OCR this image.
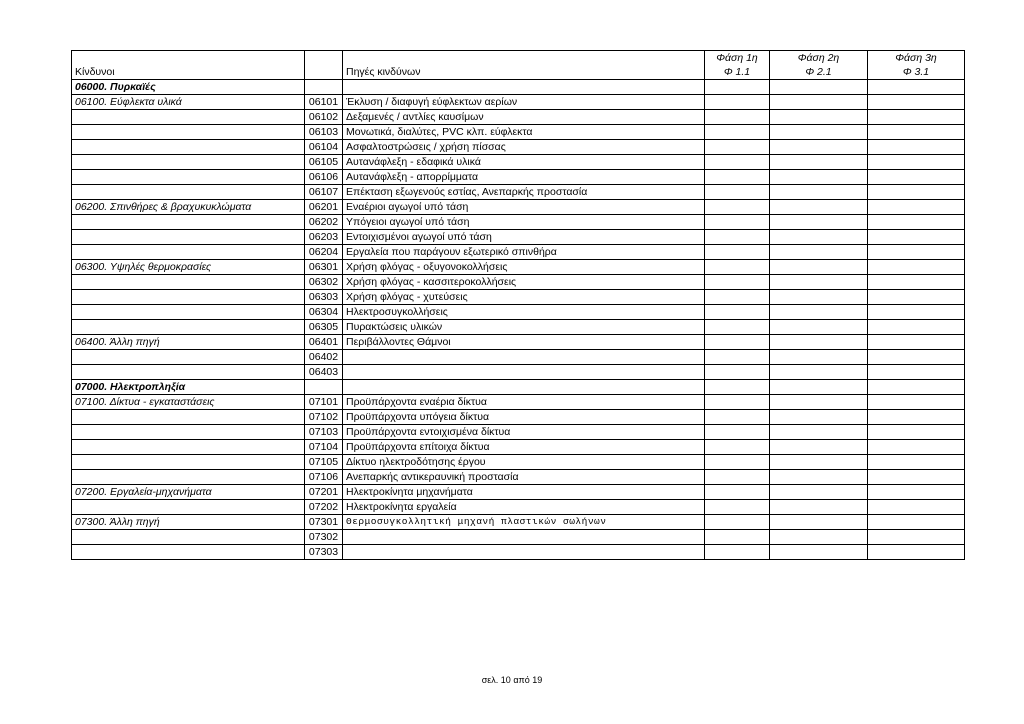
			Φάση 1η	Φάση 2η	Φάση 3η
Κίνδυνοι		Πηγές κινδύνων	Φ 1.1	Φ 2.1	Φ 3.1
06000. Πυρκαϊές					
06100. Εύφλεκτα υλικά	06101	Έκλυση / διαφυγή εύφλεκτων αερίων			
	06102	Δεξαμενές / αντλίες καυσίμων			
	06103	Μονωτικά, διαλύτες, PVC κλπ. εύφλεκτα			
	06104	Ασφαλτοστρώσεις / χρήση πίσσας			
	06105	Αυτανάφλεξη - εδαφικά υλικά			
	06106	Αυτανάφλεξη - απορρίμματα			
	06107	Επέκταση εξωγενούς εστίας, Ανεπαρκής προστασία			
06200. Σπινθήρες & βραχυκυκλώματα	06201	Εναέριοι αγωγοί υπό τάση			
	06202	Υπόγειοι αγωγοί υπό τάση			
	06203	Εντοιχισμένοι αγωγοί υπό τάση			
	06204	Εργαλεία που παράγουν εξωτερικό σπινθήρα			
06300. Υψηλές θερμοκρασίες	06301	Χρήση φλόγας - οξυγονοκολλήσεις			
	06302	Χρήση φλόγας - κασσιτεροκολλήσεις			
	06303	Χρήση φλόγας - χυτεύσεις			
	06304	Ηλεκτροσυγκολλήσεις			
	06305	Πυρακτώσεις υλικών			
06400. Άλλη πηγή	06401	Περιβάλλοντες Θάμνοι			
	06402				
	06403				
07000. Ηλεκτροπληξία					
07100. Δίκτυα - εγκαταστάσεις	07101	Προϋπάρχοντα εναέρια δίκτυα			
	07102	Προϋπάρχοντα υπόγεια δίκτυα			
	07103	Προϋπάρχοντα εντοιχισμένα δίκτυα			
	07104	Προϋπάρχοντα επίτοιχα δίκτυα			
	07105	Δίκτυο ηλεκτροδότησης έργου			
	07106	Ανεπαρκής αντικεραυνική προστασία			
07200. Εργαλεία-μηχανήματα	07201	Ηλεκτροκίνητα μηχανήματα			
	07202	Ηλεκτροκίνητα εργαλεία			
07300. Άλλη πηγή	07301	Θερμοσυγκολλητική μηχανή πλαστικών σωλήνων			
	07302				
	07303				
σελ. 10 από 19
